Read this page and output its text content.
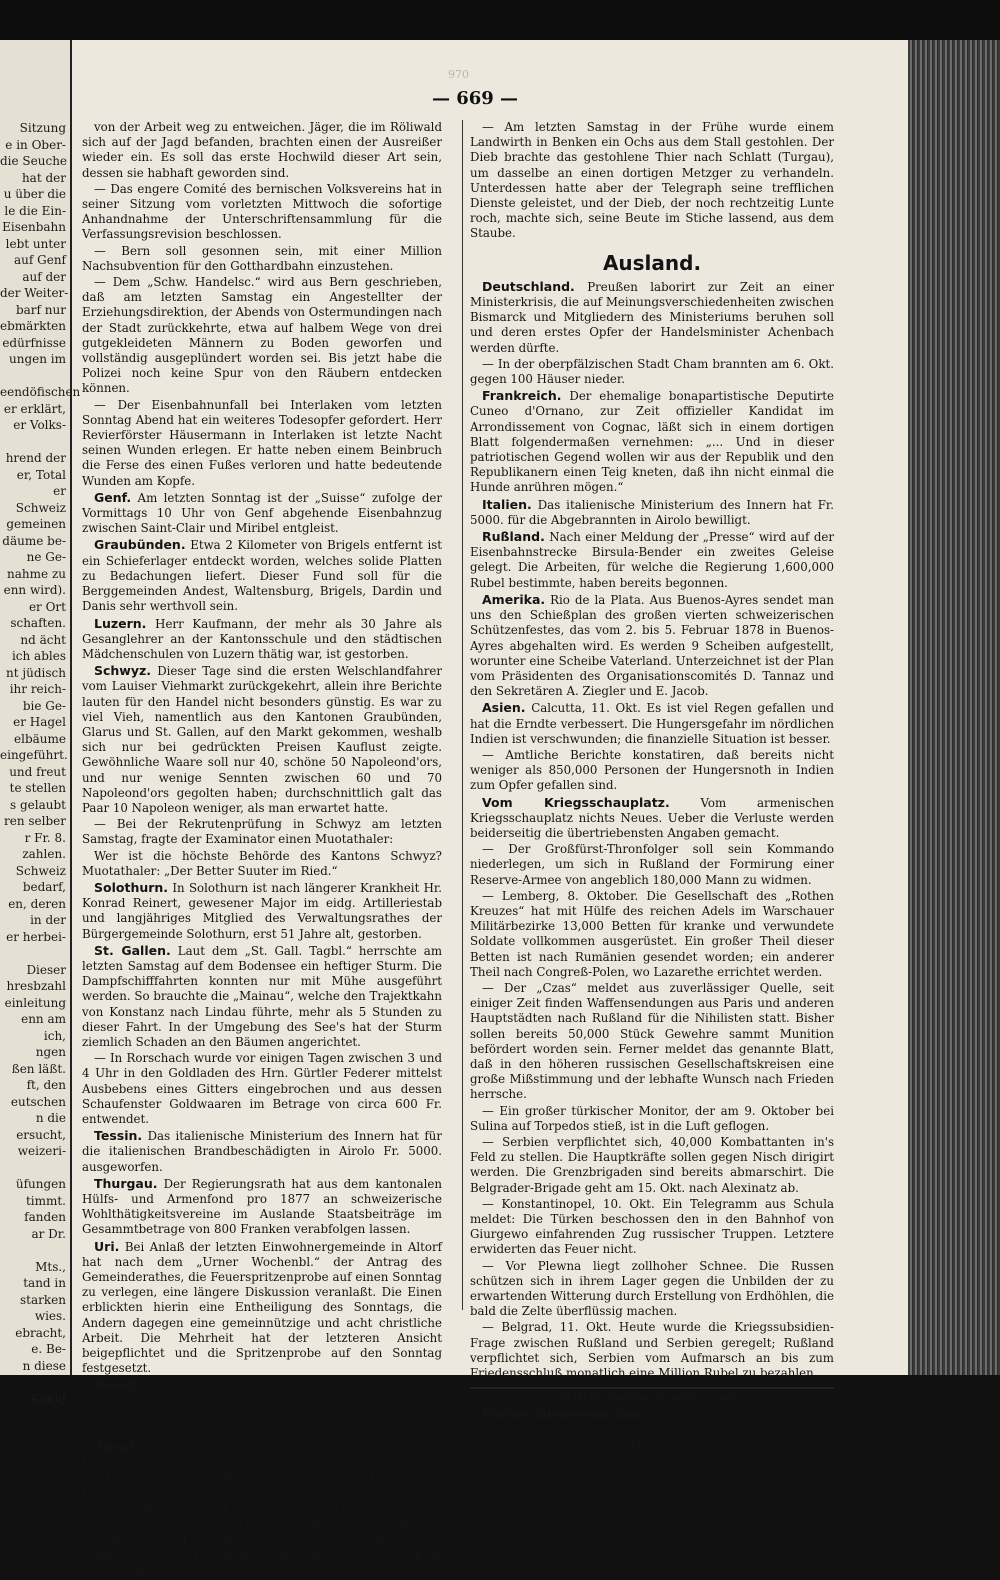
Sitzung
e in Ober-
die Seuche
hat der
u über die
le die Ein-
Eisenbahn
lebt unter
auf Genf
auf der
der Weiter-
barf nur
ebmärkten
edürfnisse
ungen im

eendöfischen
er erklärt,
er Volks-

hrend der
er, Total
er
Schweiz
gemeinen
däume be-
ne Ge-
nahme zu
enn wird).
er Ort
schaften.
nd ächt
ich ables
nt jüdisch
ihr reich-
bie Ge-
er Hagel
elbäume
eingeführt.
und freut
te stellen
s gelaubt
ren selber
r Fr. 8.
zahlen.
Schweiz
bedarf,
en, deren
in der
er herbei-

Dieser
hresbzahl
einleitung
enn am
ich,
ngen
ßen läßt.
ft, den
eutschen
n die
ersucht,
weizeri-

üfungen
timmt.
fanden
ar Dr.

Mts.,
tand in
starken
wies.
ebracht,
e. Be-
n diese

König
970
— 669 —

von der Arbeit weg zu entweichen. Jäger, die im Röliwald sich auf der Jagd befanden, brachten einen der Ausreißer wieder ein. Es soll das erste Hochwild dieser Art sein, dessen sie habhaft geworden sind.

— Das engere Comité des bernischen Volksvereins hat in seiner Sitzung vom vorletzten Mittwoch die sofortige Anhandnahme der Unterschriftensammlung für die Verfassungsrevision beschlossen.

— Bern soll gesonnen sein, mit einer Million Nachsubvention für den Gotthardbahn einzustehen.

— Dem „Schw. Handelsc.“ wird aus Bern geschrieben, daß am letzten Samstag ein Angestellter der Erziehungsdirektion, der Abends von Ostermundingen nach der Stadt zurückkehrte, etwa auf halbem Wege von drei gutgekleideten Männern zu Boden geworfen und vollständig ausgeplündert worden sei. Bis jetzt habe die Polizei noch keine Spur von den Räubern entdecken können.

— Der Eisenbahnunfall bei Interlaken vom letzten Sonntag Abend hat ein weiteres Todesopfer gefordert. Herr Revierförster Häusermann in Interlaken ist letzte Nacht seinen Wunden erlegen. Er hatte neben einem Beinbruch die Ferse des einen Fußes verloren und hatte bedeutende Wunden am Kopfe.

Genf. Am letzten Sonntag ist der „Suisse“ zufolge der Vormittags 10 Uhr von Genf abgehende Eisenbahnzug zwischen Saint-Clair und Miribel entgleist.

Graubünden. Etwa 2 Kilometer von Brigels entfernt ist ein Schieferlager entdeckt worden, welches solide Platten zu Bedachungen liefert. Dieser Fund soll für die Berggemeinden Andest, Waltensburg, Brigels, Dardin und Danis sehr werthvoll sein.

Luzern. Herr Kaufmann, der mehr als 30 Jahre als Gesanglehrer an der Kantonsschule und den städtischen Mädchenschulen von Luzern thätig war, ist gestorben.

Schwyz. Dieser Tage sind die ersten Welschlandfahrer vom Lauiser Viehmarkt zurückgekehrt, allein ihre Berichte lauten für den Handel nicht besonders günstig. Es war zu viel Vieh, namentlich aus den Kantonen Graubünden, Glarus und St. Gallen, auf den Markt gekommen, weshalb sich nur bei gedrückten Preisen Kauflust zeigte. Gewöhnliche Waare soll nur 40, schöne 50 Napoleond'ors, und nur wenige Sennten zwischen 60 und 70 Napoleond'ors gegolten haben; durchschnittlich galt das Paar 10 Napoleon weniger, als man erwartet hatte.

— Bei der Rekrutenprüfung in Schwyz am letzten Samstag, fragte der Examinator einen Muotathaler:

Wer ist die höchste Behörde des Kantons Schwyz? Muotathaler: „Der Better Suuter im Ried.“

Solothurn. In Solothurn ist nach längerer Krankheit Hr. Konrad Reinert, gewesener Major im eidg. Artilleriestab und langjähriges Mitglied des Verwaltungsrathes der Bürgergemeinde Solothurn, erst 51 Jahre alt, gestorben.

St. Gallen. Laut dem „St. Gall. Tagbl.“ herrschte am letzten Samstag auf dem Bodensee ein heftiger Sturm. Die Dampfschifffahrten konnten nur mit Mühe ausgeführt werden. So brauchte die „Mainau“, welche den Trajektkahn von Konstanz nach Lindau führte, mehr als 5 Stunden zu dieser Fahrt. In der Umgebung des See's hat der Sturm ziemlich Schaden an den Bäumen angerichtet.

— In Rorschach wurde vor einigen Tagen zwischen 3 und 4 Uhr in den Goldladen des Hrn. Gürtler Federer mittelst Ausbebens eines Gitters eingebrochen und aus dessen Schaufenster Goldwaaren im Betrage von circa 600 Fr. entwendet.

Tessin. Das italienische Ministerium des Innern hat für die italienischen Brandbeschädigten in Airolo Fr. 5000. ausgeworfen.

Thurgau. Der Regierungsrath hat aus dem kantonalen Hülfs- und Armenfond pro 1877 an schweizerische Wohlthätigkeitsvereine im Auslande Staatsbeiträge im Gesammtbetrage von 800 Franken verabfolgen lassen.

Uri. Bei Anlaß der letzten Einwohnergemeinde in Altorf hat nach dem „Urner Wochenbl.“ der Antrag des Gemeinderathes, die Feuerspritzenprobe auf einen Sonntag zu verlegen, eine längere Diskussion veranlaßt. Die Einen erblickten hierin eine Entheiligung des Sonntags, die Andern dagegen eine gemeinnützige und acht christliche Arbeit. Die Mehrheit hat der letzteren Ansicht beigepflichtet und die Spritzenprobe auf den Sonntag festgesetzt.

Waadt. Am 9. d. Mts. soll Prinz Napoleon, von Rouher begleitet, von Bern kommend nach Genf gereist sein. Auch der Erzherzog Rudolf von Oesterreich hält sich in der Schweiz auf.

Zürich. Der ungetreue Dienstmann, der mit den 10,000 Fr. der Weisenbank in Zürich das Weite suchen wollte, ist ein Kaspar Müller von Hittnau und war früher Buchbinder. Fr. 2500. hat die Bank bis jetzt noch nicht zurückerhalten.

— Eine Wärterin im Kantonsspital Zürich hat die Arznei mit Schwefelsäure verwechselt und dadurch eine Kranke getödtet. Sie ist für diese Unvorsichtigkeit zu 200 Fr. Geldbuße und 80 Fr. jährliche Entschädigung an das Kind der Getödteten verfällt worden.

— Am letzten Samstag in der Frühe wurde einem Landwirth in Benken ein Ochs aus dem Stall gestohlen. Der Dieb brachte das gestohlene Thier nach Schlatt (Turgau), um dasselbe an einen dortigen Metzger zu verhandeln. Unterdessen hatte aber der Telegraph seine trefflichen Dienste geleistet, und der Dieb, der noch rechtzeitig Lunte roch, machte sich, seine Beute im Stiche lassend, aus dem Staube.

Ausland.

Deutschland. Preußen laborirt zur Zeit an einer Ministerkrisis, die auf Meinungsverschiedenheiten zwischen Bismarck und Mitgliedern des Ministeriums beruhen soll und deren erstes Opfer der Handelsminister Achenbach werden dürfte.

— In der oberpfälzischen Stadt Cham brannten am 6. Okt. gegen 100 Häuser nieder.

Frankreich. Der ehemalige bonapartistische Deputirte Cuneo d'Ornano, zur Zeit offizieller Kandidat im Arrondissement von Cognac, läßt sich in einem dortigen Blatt folgendermaßen vernehmen: „... Und in dieser patriotischen Gegend wollen wir aus der Republik und den Republikanern einen Teig kneten, daß ihn nicht einmal die Hunde anrühren mögen.“

Italien. Das italienische Ministerium des Innern hat Fr. 5000. für die Abgebrannten in Airolo bewilligt.

Rußland. Nach einer Meldung der „Presse“ wird auf der Eisenbahnstrecke Birsula-Bender ein zweites Geleise gelegt. Die Arbeiten, für welche die Regierung 1,600,000 Rubel bestimmte, haben bereits begonnen.

Amerika. Rio de la Plata. Aus Buenos-Ayres sendet man uns den Schießplan des großen vierten schweizerischen Schützenfestes, das vom 2. bis 5. Februar 1878 in Buenos-Ayres abgehalten wird. Es werden 9 Scheiben aufgestellt, worunter eine Scheibe Vaterland. Unterzeichnet ist der Plan vom Präsidenten des Organisationscomités D. Tannaz und den Sekretären A. Ziegler und E. Jacob.

Asien. Calcutta, 11. Okt. Es ist viel Regen gefallen und hat die Erndte verbessert. Die Hungersgefahr im nördlichen Indien ist verschwunden; die finanzielle Situation ist besser.

— Amtliche Berichte konstatiren, daß bereits nicht weniger als 850,000 Personen der Hungersnoth in Indien zum Opfer gefallen sind.

Vom Kriegsschauplatz.	Vom armenischen Kriegsschauplatz nichts Neues. Ueber die Verluste werden beiderseitig die übertriebensten Angaben gemacht.

— Der Großfürst-Thronfolger soll sein Kommando niederlegen, um sich in Rußland der Formirung einer Reserve-Armee von angeblich 180,000 Mann zu widmen.

— Lemberg, 8. Oktober. Die Gesellschaft des „Rothen Kreuzes“ hat mit Hülfe des reichen Adels im Warschauer Militärbezirke 13,000 Betten für kranke und verwundete Soldate vollkommen ausgerüstet. Ein großer Theil dieser Betten ist nach Rumänien gesendet worden; ein anderer Theil nach Congreß-Polen, wo Lazarethe errichtet werden.

— Der „Czas“ meldet aus zuverlässiger Quelle, seit einiger Zeit finden Waffensendungen aus Paris und anderen Hauptstädten nach Rußland für die Nihilisten statt. Bisher sollen bereits 50,000 Stück Gewehre sammt Munition befördert worden sein. Ferner meldet das genannte Blatt, daß in den höheren russischen Gesellschaftskreisen eine große Mißstimmung und der lebhafte Wunsch nach Frieden herrsche.

— Ein großer türkischer Monitor, der am 9. Oktober bei Sulina auf Torpedos stieß, ist in die Luft geflogen.

— Serbien verpflichtet sich, 40,000 Kombattanten in's Feld zu stellen. Die Hauptkräfte sollen gegen Nisch dirigirt werden. Die Grenzbrigaden sind bereits abmarschirt. Die Belgrader-Brigade geht am 15. Okt. nach Alexinatz ab.

— Konstantinopel, 10. Okt. Ein Telegramm aus Schula meldet: Die Türken beschossen den in den Bahnhof von Giurgewo einfahrenden Zug russischer Truppen. Letztere erwiderten das Feuer nicht.

— Vor Plewna liegt zollhoher Schnee. Die Russen schützen sich in ihrem Lager gegen die Unbilden der zu erwartenden Witterung durch Erstellung von Erdhöhlen, die bald die Zelte überflüssig machen.

— Belgrad, 11. Okt. Heute wurde die Kriegssubsidien-Frage zwischen Rußland und Serbien geregelt; Rußland verpflichtet sich, Serbien vom Aufmarsch an bis zum Friedensschluß monatlich eine Million Rubel zu bezahlen.

Witterungsbeobachtungen.

Pariser Observatorium vom 11. Okt. Die Hauptdepression befindet sich in der Gegend von Christiansund und eine weitere Depression in den Niederlanden; letztere führt Nord-West-Wind herbei. Derselbe weht stark im Kanal. Der Ozean ist ruhig. Das Wetter ist unverändert. Das Barometer steigt wieder in Valentia.
